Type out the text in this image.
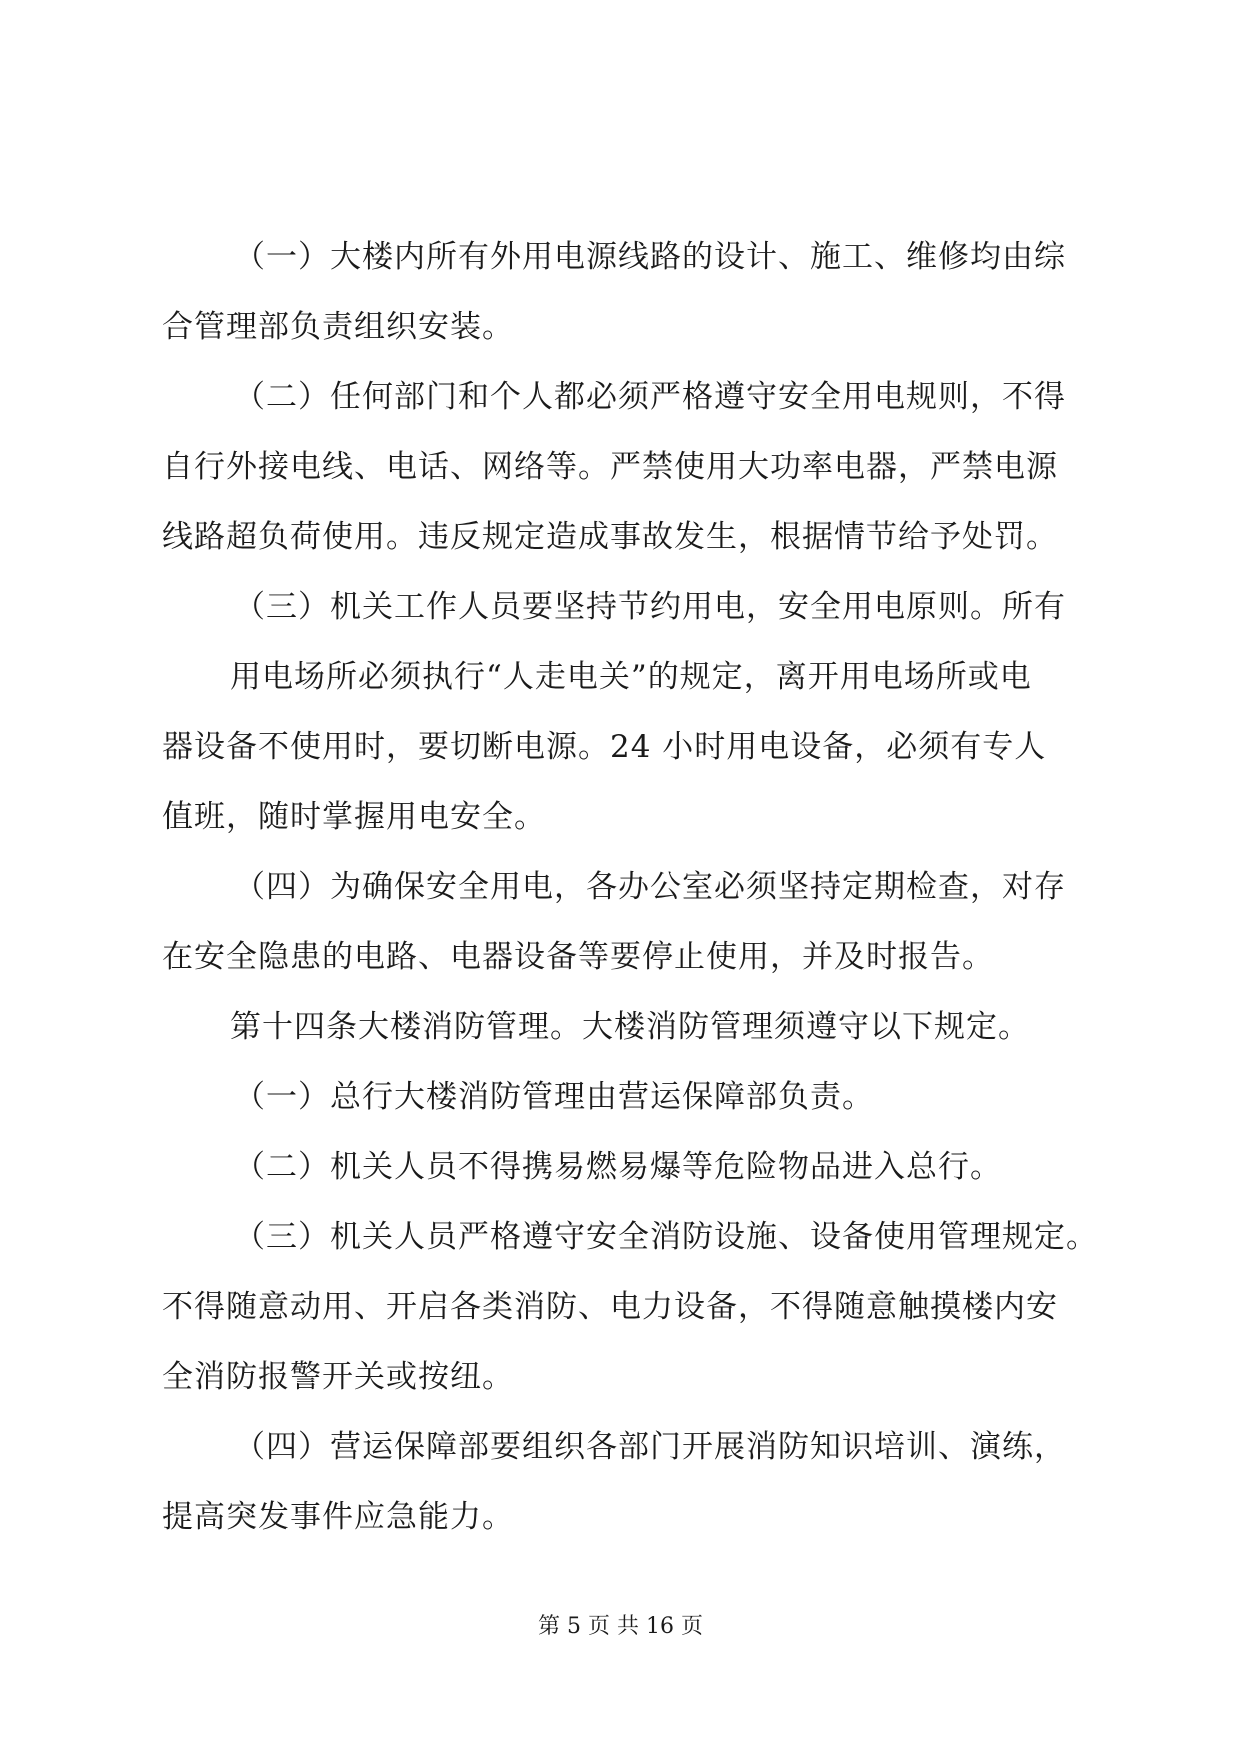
（一）大楼内所有外用电源线路的设计、施工、维修均由综
合管理部负责组织安装。
（二）任何部门和个人都必须严格遵守安全用电规则，不得
自行外接电线、电话、网络等。严禁使用大功率电器，严禁电源
线路超负荷使用。违反规定造成事故发生，根据情节给予处罚。
（三）机关工作人员要坚持节约用电，安全用电原则。所有
用电场所必须执行“人走电关”的规定，离开用电场所或电
器设备不使用时，要切断电源。24 小时用电设备，必须有专人
值班，随时掌握用电安全。
（四）为确保安全用电，各办公室必须坚持定期检查，对存
在安全隐患的电路、电器设备等要停止使用，并及时报告。
第十四条大楼消防管理。大楼消防管理须遵守以下规定。
（一）总行大楼消防管理由营运保障部负责。
（二）机关人员不得携易燃易爆等危险物品进入总行。
（三）机关人员严格遵守安全消防设施、设备使用管理规定。
不得随意动用、开启各类消防、电力设备，不得随意触摸楼内安
全消防报警开关或按纽。
（四）营运保障部要组织各部门开展消防知识培训、演练，
提高突发事件应急能力。
第 5 页 共 16 页
